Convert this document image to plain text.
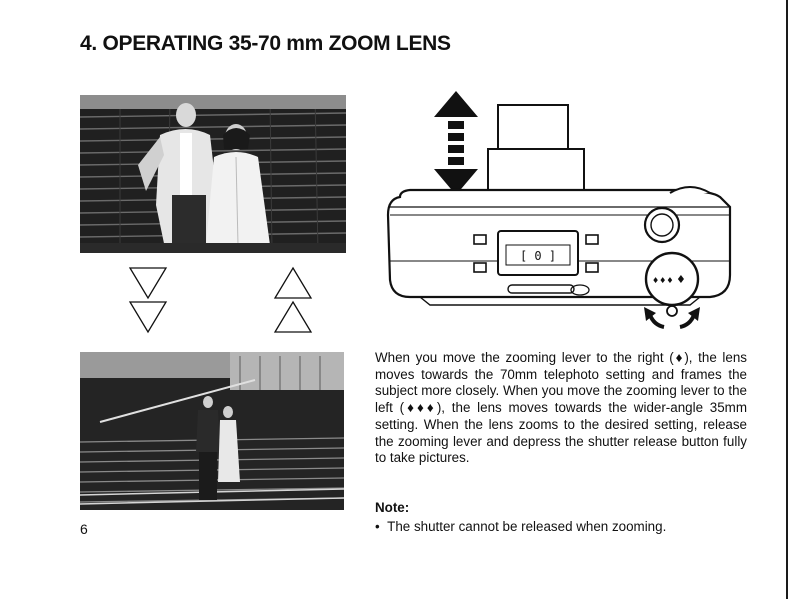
4. OPERATING 35-70 mm ZOOM LENS
[ 0 ]
♦♦♦ ♦

When you move the zooming lever to the right (♦), the lens moves towards the 70mm telephoto setting and frames the subject more closely. When you move the zooming lever to the left (♦♦♦), the lens moves towards the wider-angle 35mm setting. When the lens zooms to the desired setting, release the zooming lever and depress the shutter release button fully to take pictures.

Note:
• The shutter cannot be released when zooming.
6
